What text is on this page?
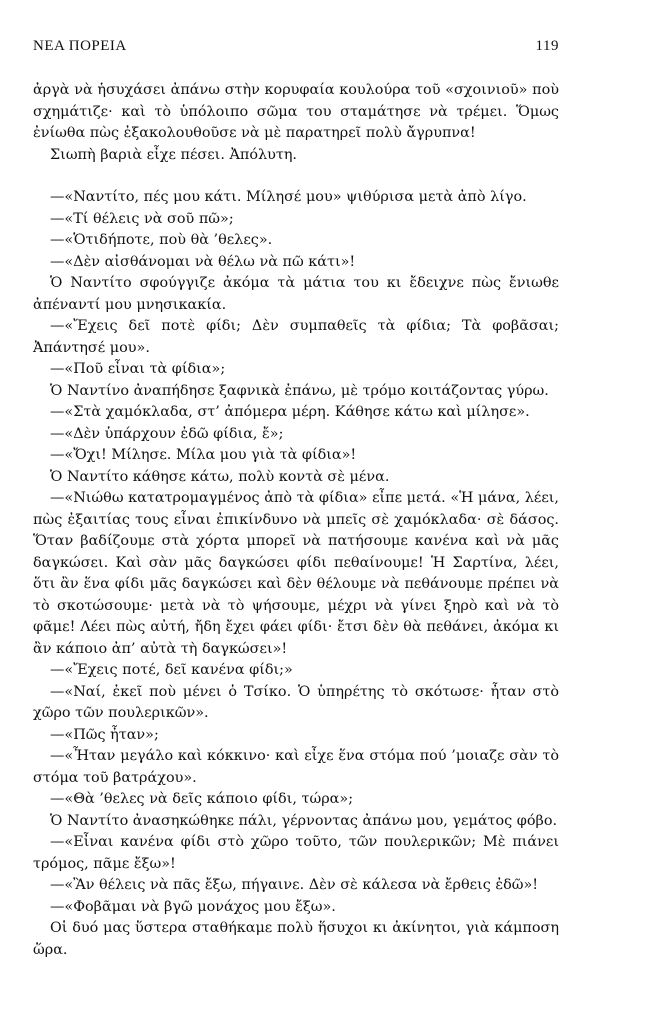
ΝΕΑ ΠΟΡΕΙΑ	119

ἀργὰ νὰ ἡσυχάσει ἀπάνω στὴν κορυφαία κουλούρα τοῦ «σχοινιοῦ» ποὺ σχημάτιζε· καὶ τὸ ὑπόλοιπο σῶμα του σταμάτησε νὰ τρέμει. Ὅμως ἐνίωθα πὼς ἐξακολουθοῦσε νὰ μὲ παρατηρεῖ πολὺ ἄγρυπνα!

Σιωπὴ βαριὰ εἶχε πέσει. Ἀπόλυτη.

—«Ναντίτο, πές μου κάτι. Μίλησέ μου» ψιθύρισα μετὰ ἀπὸ λίγο.

—«Τί θέλεις νὰ σοῦ πῶ»;

—«Ὁτιδήποτε, ποὺ θὰ ’θελες».

—«Δὲν αἰσθάνομαι νὰ θέλω νὰ πῶ κάτι»!

Ὁ Ναντίτο σφούγγιζε ἀκόμα τὰ μάτια του κι ἔδειχνε πὼς ἔνιωθε ἀπέναντί μου μνησικακία.

—«Ἔχεις δεῖ ποτὲ φίδι; Δὲν συμπαθεῖς τὰ φίδια; Τὰ φοβᾶσαι; Ἀπάντησέ μου».

—«Ποῦ εἶναι τὰ φίδια»;

Ὁ Ναντίνο ἀναπήδησε ξαφνικὰ ἐπάνω, μὲ τρόμο κοιτάζοντας γύρω.

—«Στὰ χαμόκλαδα, στ’ ἀπόμερα μέρη. Κάθησε κάτω καὶ μίλησε».

—«Δὲν ὑπάρχουν ἐδῶ φίδια, ἔ»;

—«Ὄχι! Μίλησε. Μίλα μου γιὰ τὰ φίδια»!

Ὁ Ναντίτο κάθησε κάτω, πολὺ κοντὰ σὲ μένα.

—«Νιώθω κατατρομαγμένος ἀπὸ τὰ φίδια» εἶπε μετά. «Ἡ μάνα, λέει, πὼς ἐξαιτίας τους εἶναι ἐπικίνδυνο νὰ μπεῖς σὲ χαμόκλαδα· σὲ δάσος. Ὅταν βαδίζουμε στὰ χόρτα μπορεῖ νὰ πατήσουμε κανένα καὶ νὰ μᾶς δαγκώσει. Καὶ σὰν μᾶς δαγκώσει φίδι πεθαίνουμε! Ἡ Σαρτίνα, λέει, ὅτι ἂν ἕνα φίδι μᾶς δαγκώσει καὶ δὲν θέλουμε νὰ πεθάνουμε πρέπει νὰ τὸ σκοτώσουμε· μετὰ νὰ τὸ ψήσουμε, μέχρι νὰ γίνει ξηρὸ καὶ νὰ τὸ φᾶμε! Λέει πὼς αὐτή, ἤδη ἔχει φάει φίδι· ἔτσι δὲν θὰ πεθάνει, ἀκόμα κι ἂν κάποιο ἀπ’ αὐτὰ τὴ δαγκώσει»!

—«Ἔχεις ποτέ, δεῖ κανένα φίδι;»

—«Ναί, ἐκεῖ ποὺ μένει ὁ Τσίκο. Ὁ ὑπηρέτης τὸ σκότωσε· ἦταν στὸ χῶρο τῶν πουλερικῶν».

—«Πῶς ἦταν»;

—«Ἦταν μεγάλο καὶ κόκκινο· καὶ εἶχε ἕνα στόμα πού ’μοιαζε σὰν τὸ στόμα τοῦ βατράχου».

—«Θὰ ’θελες νὰ δεῖς κάποιο φίδι, τώρα»;

Ὁ Ναντίτο ἀνασηκώθηκε πάλι, γέρνοντας ἀπάνω μου, γεμάτος φόβο.

—«Εἶναι κανένα φίδι στὸ χῶρο τοῦτο, τῶν πουλερικῶν; Μὲ πιάνει τρόμος, πᾶμε ἔξω»!

—«Ἂν θέλεις νὰ πᾶς ἔξω, πήγαινε. Δὲν σὲ κάλεσα νὰ ἔρθεις ἐδῶ»!

—«Φοβᾶμαι νὰ βγῶ μονάχος μου ἔξω».

Οἱ δυό μας ὕστερα σταθήκαμε πολὺ ἥσυχοι κι ἀκίνητοι, γιὰ κάμποση ὥρα.
